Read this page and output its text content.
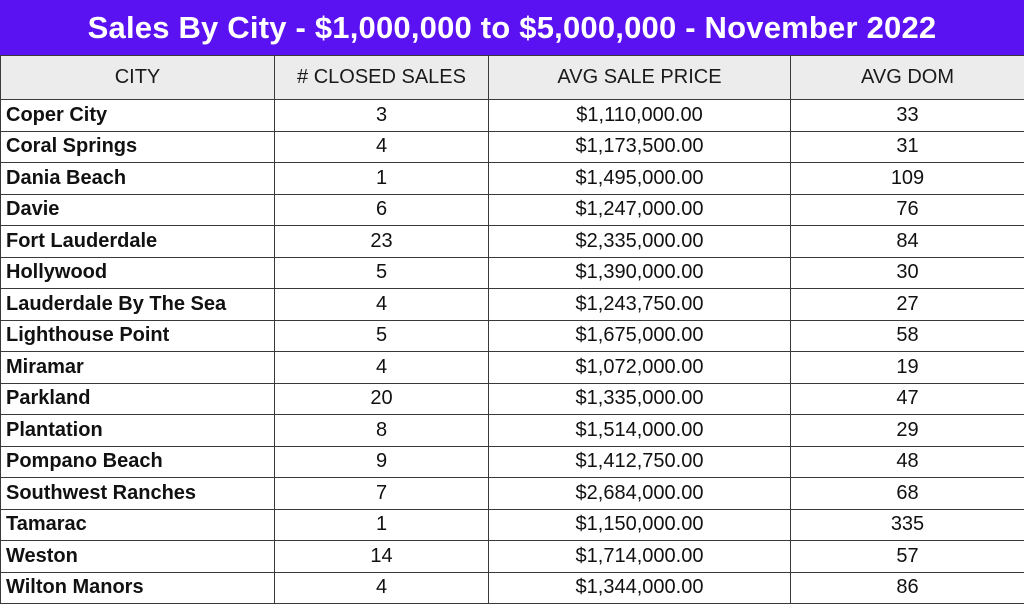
Sales By City - $1,000,000 to $5,000,000 - November 2022
CITY	# CLOSED SALES	AVG SALE PRICE	AVG DOM
Coper City	3	$1,110,000.00	33
Coral Springs	4	$1,173,500.00	31
Dania Beach	1	$1,495,000.00	109
Davie	6	$1,247,000.00	76
Fort Lauderdale	23	$2,335,000.00	84
Hollywood	5	$1,390,000.00	30
Lauderdale By The Sea	4	$1,243,750.00	27
Lighthouse Point	5	$1,675,000.00	58
Miramar	4	$1,072,000.00	19
Parkland	20	$1,335,000.00	47
Plantation	8	$1,514,000.00	29
Pompano Beach	9	$1,412,750.00	48
Southwest Ranches	7	$2,684,000.00	68
Tamarac	1	$1,150,000.00	335
Weston	14	$1,714,000.00	57
Wilton Manors	4	$1,344,000.00	86
